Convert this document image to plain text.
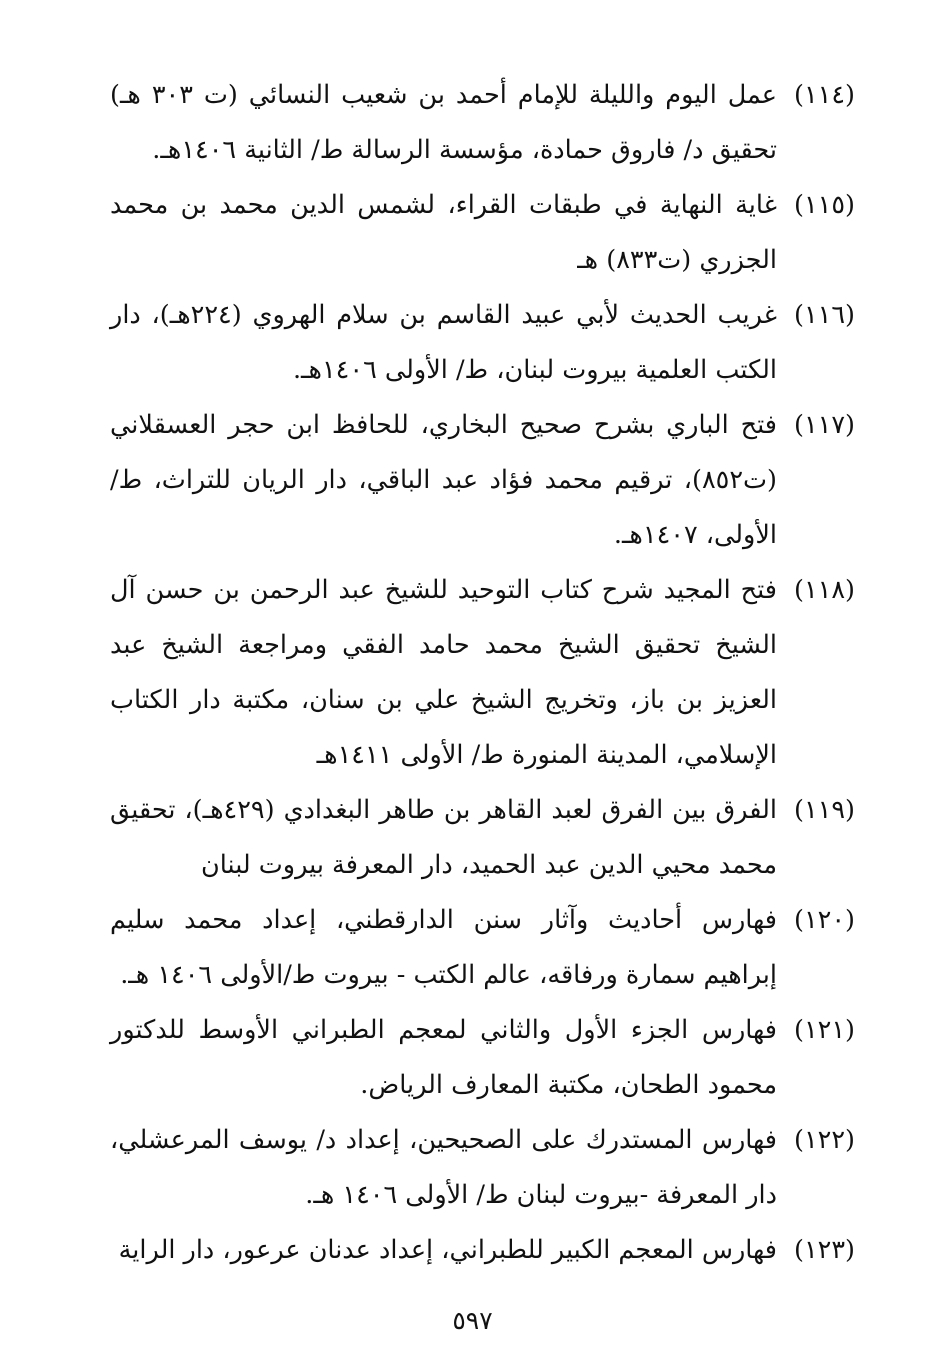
(١١٤)عمل اليوم والليلة للإمام أحمد بن شعيب النسائي (ت ٣٠٣ هـ) تحقيق د/ فاروق حمادة، مؤسسة الرسالة ط/ الثانية ١٤٠٦هـ.

(١١٥)غاية النهاية في طبقات القراء، لشمس الدين محمد بن محمد الجزري (ت٨٣٣) هـ

(١١٦)غريب الحديث لأبي عبيد القاسم بن سلام الهروي (٢٢٤هـ)، دار الكتب العلمية بيروت لبنان، ط/ الأولى ١٤٠٦هـ.

(١١٧)فتح الباري بشرح صحيح البخاري، للحافظ ابن حجر العسقلاني (ت٨٥٢)، ترقيم محمد فؤاد عبد الباقي، دار الريان للتراث، ط/الأولى، ١٤٠٧هـ.

(١١٨)فتح المجيد شرح كتاب التوحيد للشيخ عبد الرحمن بن حسن آل الشيخ تحقيق الشيخ محمد حامد الفقي ومراجعة الشيخ عبد العزيز بن باز، وتخريج الشيخ علي بن سنان، مكتبة دار الكتاب الإسلامي، المدينة المنورة ط/ الأولى ١٤١١هـ

(١١٩)الفرق بين الفرق لعبد القاهر بن طاهر البغدادي (٤٢٩هـ)، تحقيق محمد محيي الدين عبد الحميد، دار المعرفة بيروت لبنان

(١٢٠)فهارس أحاديث وآثار سنن الدارقطني، إعداد محمد سليم إبراهيم سمارة ورفاقه، عالم الكتب - بيروت ط/الأولى ١٤٠٦ هـ.

(١٢١)فهارس الجزء الأول والثاني لمعجم الطبراني الأوسط للدكتور محمود الطحان، مكتبة المعارف الرياض.

(١٢٢)فهارس المستدرك على الصحيحين، إعداد د/ يوسف المرعشلي، دار المعرفة -بيروت لبنان ط/ الأولى ١٤٠٦ هـ.

(١٢٣)فهارس المعجم الكبير للطبراني، إعداد عدنان عرعور، دار الراية

٥٩٧
